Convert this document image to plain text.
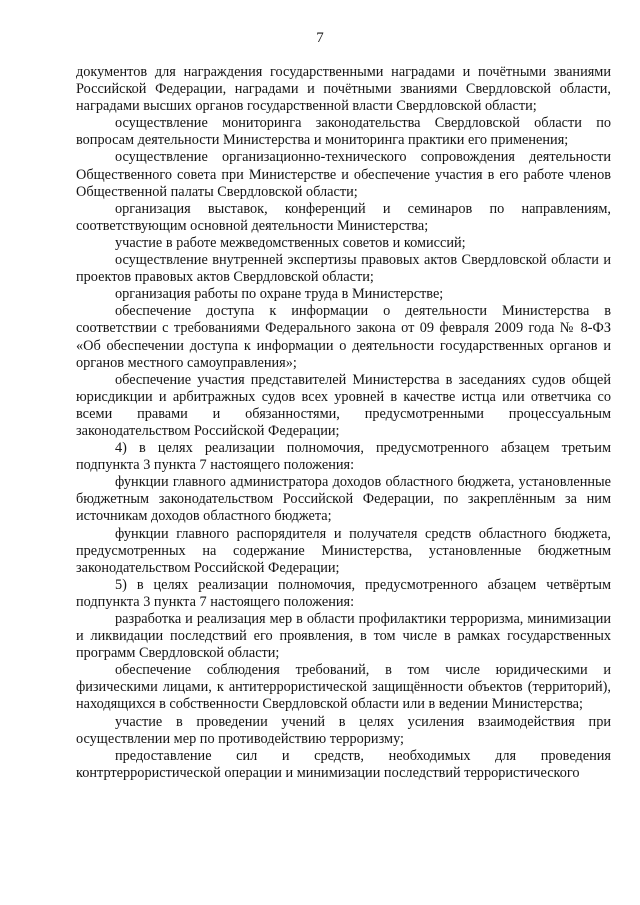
7

документов для награждения государственными наградами и почётными званиями Российской Федерации, наградами и почётными званиями Свердловской области, наградами высших органов государственной власти Свердловской области;

осуществление мониторинга законодательства Свердловской области по вопросам деятельности Министерства и мониторинга практики его применения;

осуществление организационно-технического сопровождения деятельности Общественного совета при Министерстве и обеспечение участия в его работе членов Общественной палаты Свердловской области;

организация выставок, конференций и семинаров по направлениям, соответствующим основной деятельности Министерства;

участие в работе межведомственных советов и комиссий;

осуществление внутренней экспертизы правовых актов Свердловской области и проектов правовых актов Свердловской области;

организация работы по охране труда в Министерстве;

обеспечение доступа к информации о деятельности Министерства в соответствии с требованиями Федерального закона от 09 февраля 2009 года № 8-ФЗ «Об обеспечении доступа к информации о деятельности государственных органов и органов местного самоуправления»;

обеспечение участия представителей Министерства в заседаниях судов общей юрисдикции и арбитражных судов всех уровней в качестве истца или ответчика со всеми правами и обязанностями, предусмотренными процессуальным законодательством Российской Федерации;

4) в целях реализации полномочия, предусмотренного абзацем третьим подпункта 3 пункта 7 настоящего положения:

функции главного администратора доходов областного бюджета, установленные бюджетным законодательством Российской Федерации, по закреплённым за ним источникам доходов областного бюджета;

функции главного распорядителя и получателя средств областного бюджета, предусмотренных на содержание Министерства, установленные бюджетным законодательством Российской Федерации;

5) в целях реализации полномочия, предусмотренного абзацем четвёртым подпункта 3 пункта 7 настоящего положения:

разработка и реализация мер в области профилактики терроризма, минимизации и ликвидации последствий его проявления, в том числе в рамках государственных программ Свердловской области;

обеспечение соблюдения требований, в том числе юридическими и физическими лицами, к антитеррористической защищённости объектов (территорий), находящихся в собственности Свердловской области или в ведении Министерства;

участие в проведении учений в целях усиления взаимодействия при осуществлении мер по противодействию терроризму;

предоставление сил и средств, необходимых для проведения контртеррористической операции и минимизации последствий террористического
